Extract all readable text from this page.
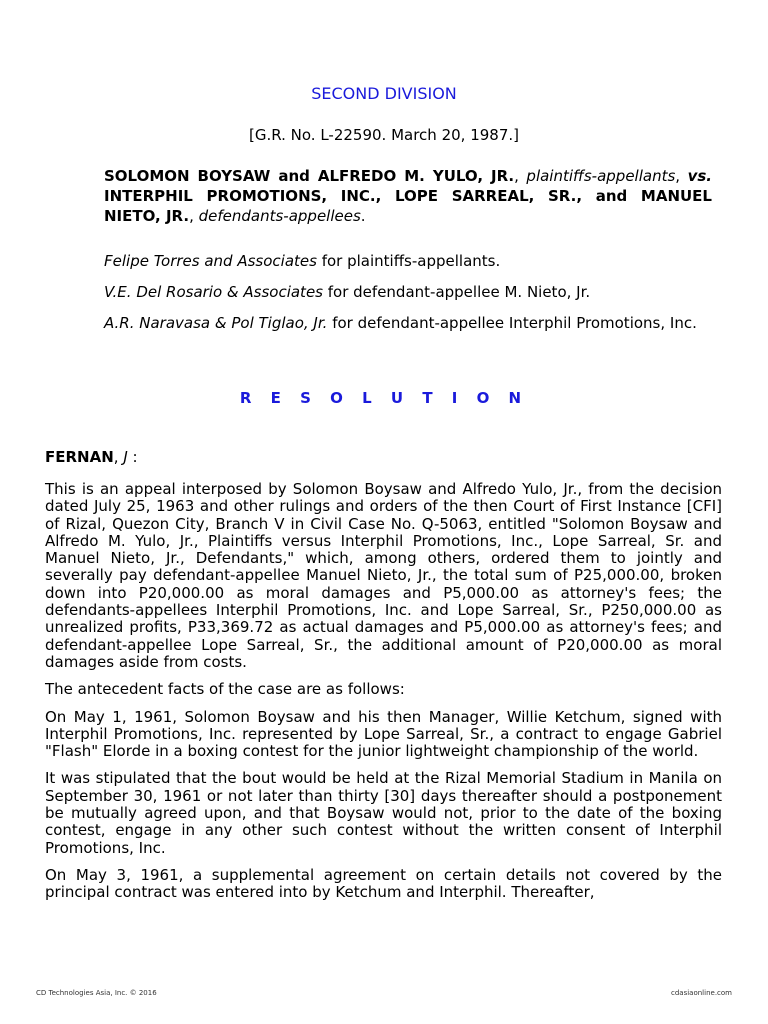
SECOND DIVISION
[G.R. No. L-22590. March 20, 1987.]
SOLOMON BOYSAW and ALFREDO M. YULO, JR., plaintiffs-appellants, vs. INTERPHIL PROMOTIONS, INC., LOPE SARREAL, SR., and MANUEL NIETO, JR., defendants-appellees.
Felipe Torres and Associates for plaintiffs-appellants.
V.E. Del Rosario & Associates for defendant-appellee M. Nieto, Jr.
A.R. Naravasa & Pol Tiglao, Jr. for defendant-appellee Interphil Promotions, Inc.
R E S O L U T I O N
FERNAN, J :

This is an appeal interposed by Solomon Boysaw and Alfredo Yulo, Jr., from the decision dated July 25, 1963 and other rulings and orders of the then Court of First Instance [CFI] of Rizal, Quezon City, Branch V in Civil Case No. Q-5063, entitled "Solomon Boysaw and Alfredo M. Yulo, Jr., Plaintiffs versus Interphil Promotions, Inc., Lope Sarreal, Sr. and Manuel Nieto, Jr., Defendants," which, among others, ordered them to jointly and severally pay defendant-appellee Manuel Nieto, Jr., the total sum of P25,000.00, broken down into P20,000.00 as moral damages and P5,000.00 as attorney's fees; the defendants-appellees Interphil Promotions, Inc. and Lope Sarreal, Sr., P250,000.00 as unrealized profits, P33,369.72 as actual damages and P5,000.00 as attorney's fees; and defendant-appellee Lope Sarreal, Sr., the additional amount of P20,000.00 as moral damages aside from costs.

The antecedent facts of the case are as follows:

On May 1, 1961, Solomon Boysaw and his then Manager, Willie Ketchum, signed with Interphil Promotions, Inc. represented by Lope Sarreal, Sr., a contract to engage Gabriel "Flash" Elorde in a boxing contest for the junior lightweight championship of the world.

It was stipulated that the bout would be held at the Rizal Memorial Stadium in Manila on September 30, 1961 or not later than thirty [30] days thereafter should a postponement be mutually agreed upon, and that Boysaw would not, prior to the date of the boxing contest, engage in any other such contest without the written consent of Interphil Promotions, Inc.

On May 3, 1961, a supplemental agreement on certain details not covered by the principal contract was entered into by Ketchum and Interphil. Thereafter,

CD Technologies Asia, Inc. © 2016	cdasiaonline.com
